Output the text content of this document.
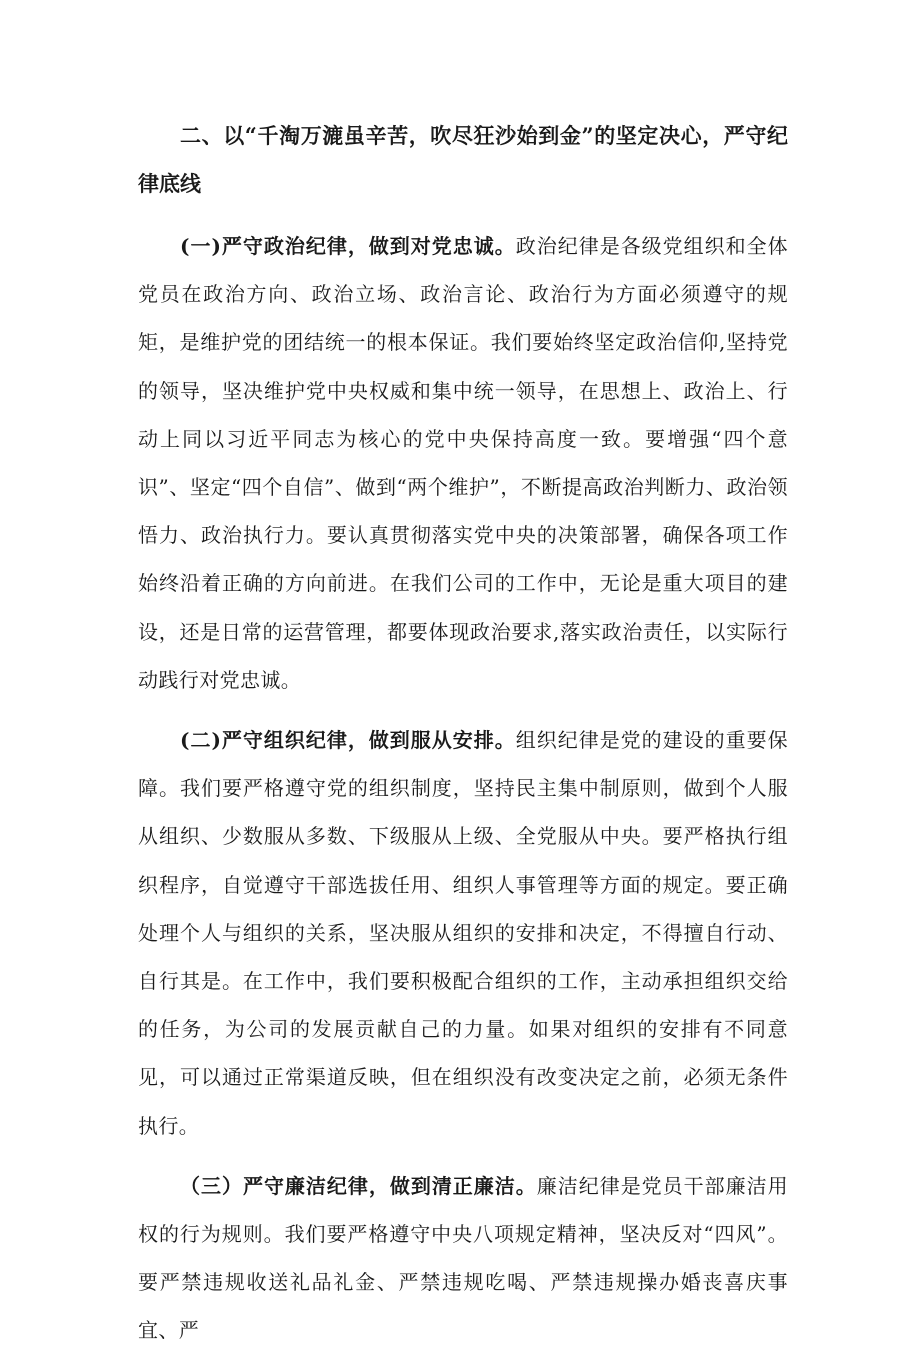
二、以“千淘万漉虽辛苦，吹尽狂沙始到金”的坚定决心，严守纪律底线

(一)严守政治纪律，做到对党忠诚。政治纪律是各级党组织和全体党员在政治方向、政治立场、政治言论、政治行为方面必须遵守的规矩，是维护党的团结统一的根本保证。我们要始终坚定政治信仰,坚持党的领导，坚决维护党中央权威和集中统一领导，在思想上、政治上、行动上同以习近平同志为核心的党中央保持高度一致。要增强“四个意识”、坚定“四个自信”、做到“两个维护”，不断提高政治判断力、政治领悟力、政治执行力。要认真贯彻落实党中央的决策部署，确保各项工作始终沿着正确的方向前进。在我们公司的工作中，无论是重大项目的建设，还是日常的运营管理，都要体现政治要求,落实政治责任，以实际行动践行对党忠诚。

(二)严守组织纪律，做到服从安排。组织纪律是党的建设的重要保障。我们要严格遵守党的组织制度，坚持民主集中制原则，做到个人服从组织、少数服从多数、下级服从上级、全党服从中央。要严格执行组织程序，自觉遵守干部选拔任用、组织人事管理等方面的规定。要正确处理个人与组织的关系，坚决服从组织的安排和决定，不得擅自行动、自行其是。在工作中，我们要积极配合组织的工作，主动承担组织交给的任务，为公司的发展贡献自己的力量。如果对组织的安排有不同意见，可以通过正常渠道反映，但在组织没有改变决定之前，必须无条件执行。

（三）严守廉洁纪律，做到清正廉洁。廉洁纪律是党员干部廉洁用权的行为规则。我们要严格遵守中央八项规定精神，坚决反对“四风”。要严禁违规收送礼品礼金、严禁违规吃喝、严禁违规操办婚丧喜庆事宜、严
